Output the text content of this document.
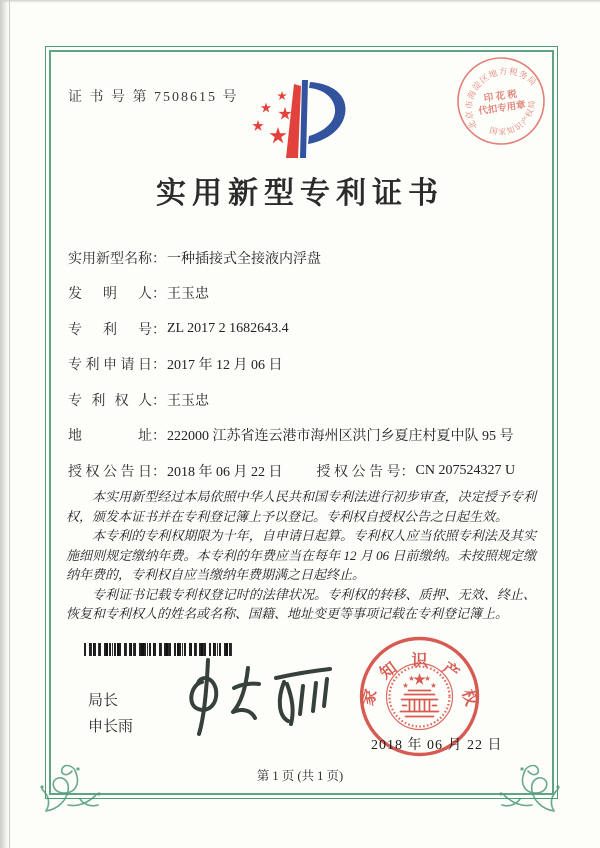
证 书 号 第 7508615 号
实用新型专利证书
北京市海淀区地方税务局
国家知识产权局
印 花 税
代扣专用章
实用新型名称 ： 一种插接式全接液内浮盘
发明人 ： 王玉忠
专利号 ： ZL 2017 2 1682643.4
专利申请日 ： 2017 年 12 月 06 日
专利权人 ： 王玉忠
地址 ： 222000 江苏省连云港市海州区洪门乡夏庄村夏中队 95 号
授权公告日 ： 2018 年 06 月 22 日 授权公告号 ： CN 207524327 U

本实用新型经过本局依照中华人民共和国专利法进行初步审查，决定授予专利权，颁发本证书并在专利登记簿上予以登记。专利权自授权公告之日起生效。

本专利的专利权期限为十年，自申请日起算。专利权人应当依照专利法及其实施细则规定缴纳年费。本专利的年费应当在每年 12 月 06 日前缴纳。未按照规定缴纳年费的，专利权自应当缴纳年费期满之日起终止。

专利证书记载专利权登记时的法律状况。专利权的转移、质押、无效、终止、恢复和专利权人的姓名或名称、国籍、地址变更等事项记载在专利登记簿上。

局长
申长雨
国家知识产权局
2018 年 06 月 22 日
第 1 页 (共 1 页)
